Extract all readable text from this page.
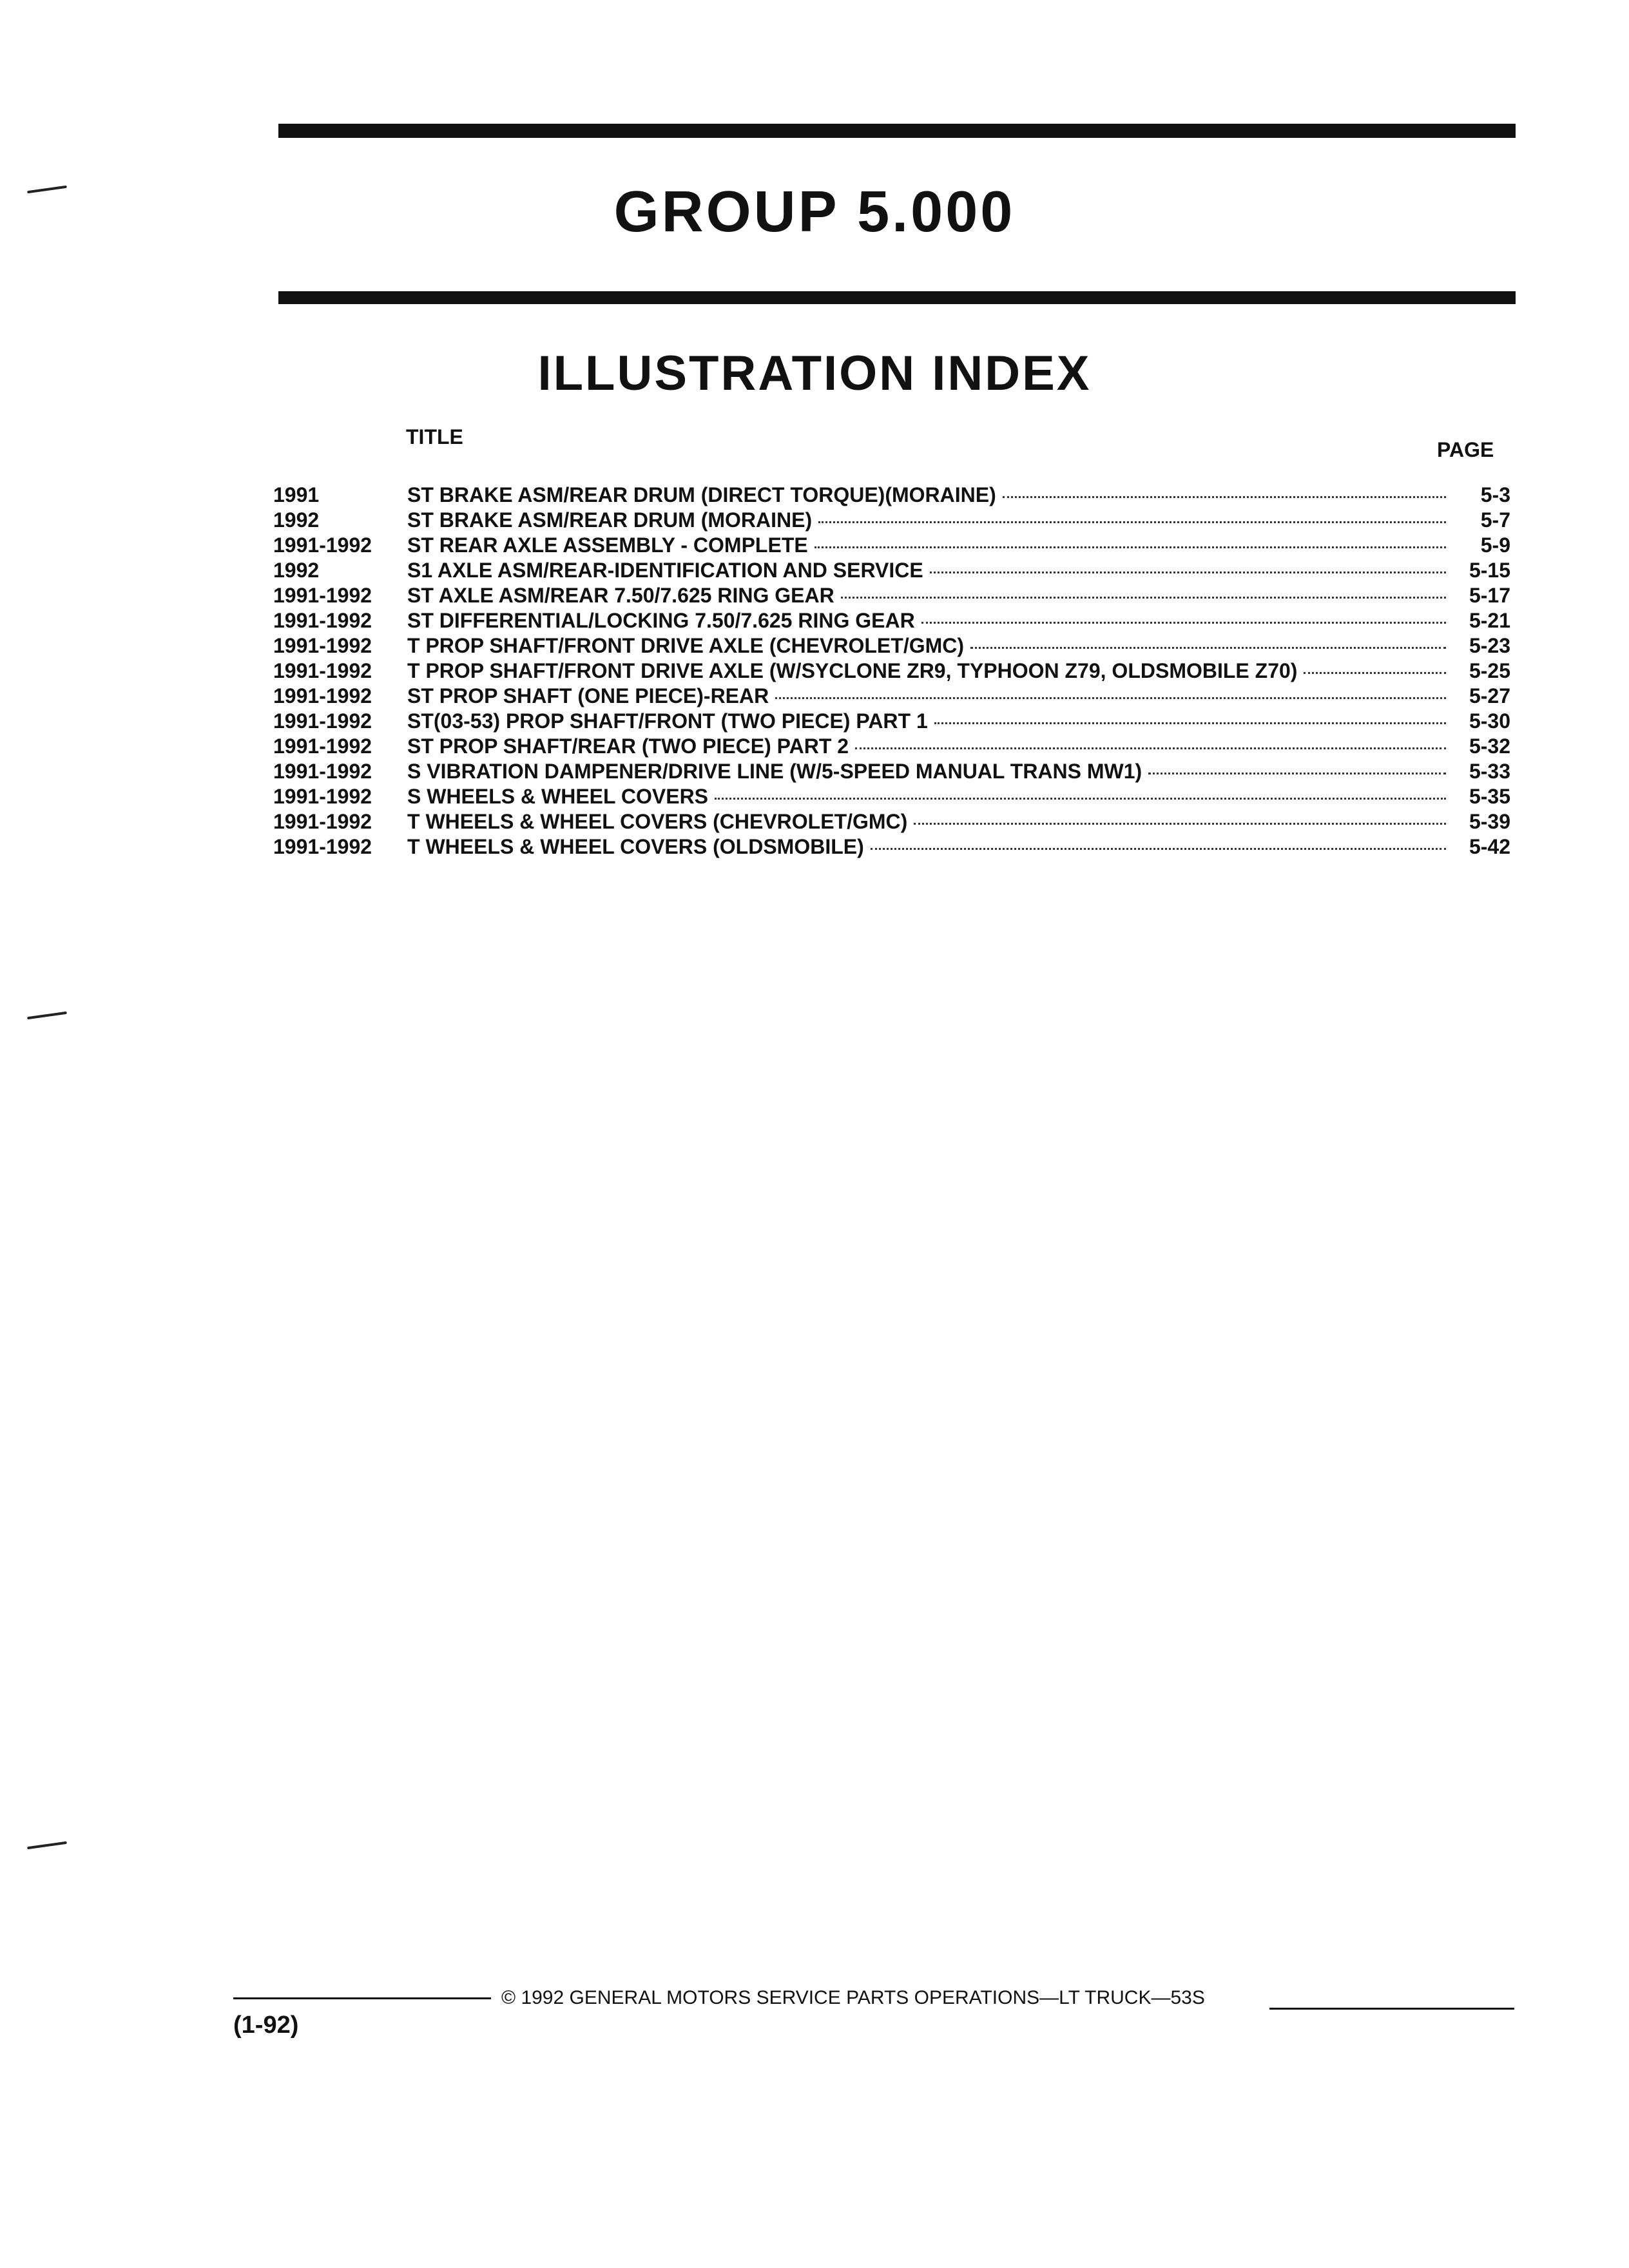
GROUP 5.000
ILLUSTRATION INDEX
TITLE
PAGE
1991	ST BRAKE ASM/REAR DRUM (DIRECT TORQUE)(MORAINE)	5-3
1992	ST BRAKE ASM/REAR DRUM (MORAINE)	5-7
1991-1992	ST REAR AXLE ASSEMBLY - COMPLETE	5-9
1992	S1 AXLE ASM/REAR-IDENTIFICATION AND SERVICE	5-15
1991-1992	ST AXLE ASM/REAR 7.50/7.625 RING GEAR	5-17
1991-1992	ST DIFFERENTIAL/LOCKING 7.50/7.625 RING GEAR	5-21
1991-1992	T PROP SHAFT/FRONT DRIVE AXLE (CHEVROLET/GMC)	5-23
1991-1992	T PROP SHAFT/FRONT DRIVE AXLE (W/SYCLONE ZR9, TYPHOON Z79, OLDSMOBILE Z70)	5-25
1991-1992	ST PROP SHAFT (ONE PIECE)-REAR	5-27
1991-1992	ST(03-53) PROP SHAFT/FRONT (TWO PIECE) PART 1	5-30
1991-1992	ST PROP SHAFT/REAR (TWO PIECE) PART 2	5-32
1991-1992	S VIBRATION DAMPENER/DRIVE LINE (W/5-SPEED MANUAL TRANS MW1)	5-33
1991-1992	S WHEELS & WHEEL COVERS	5-35
1991-1992	T WHEELS & WHEEL COVERS (CHEVROLET/GMC)	5-39
1991-1992	T WHEELS & WHEEL COVERS (OLDSMOBILE)	5-42
© 1992 GENERAL MOTORS SERVICE PARTS OPERATIONS—LT TRUCK—53S
(1-92)
